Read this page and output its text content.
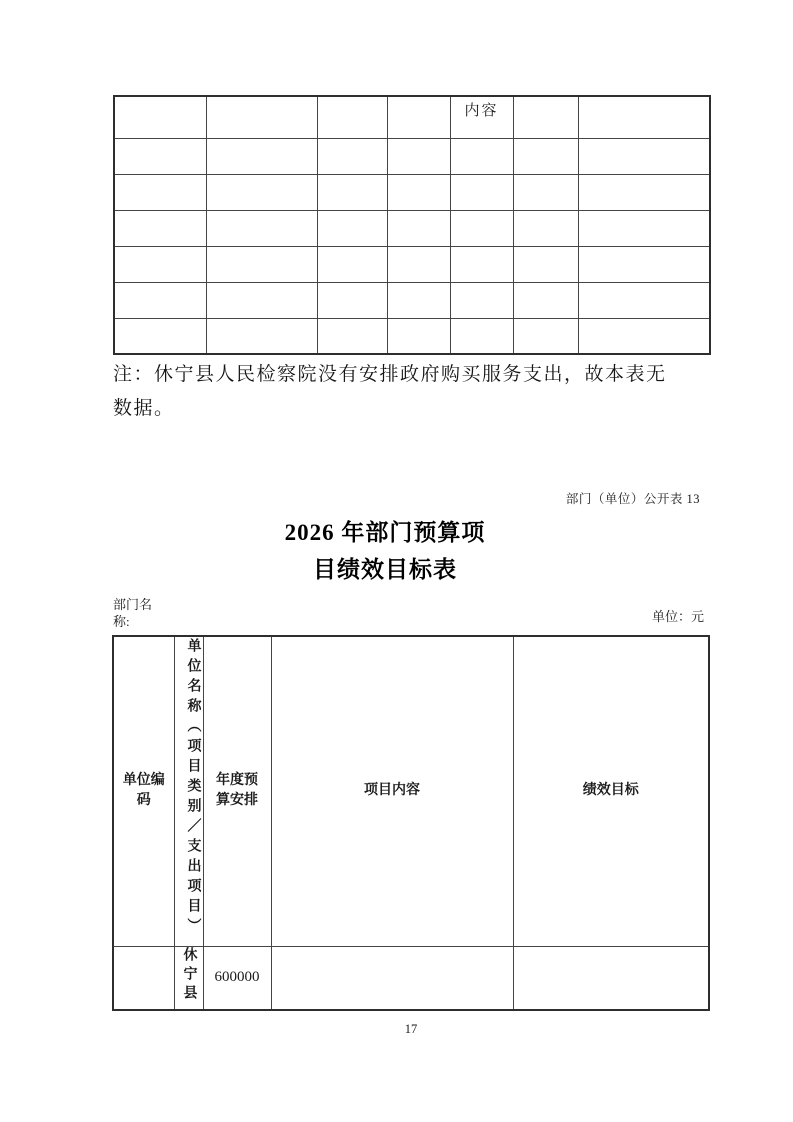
				内容		

注：休宁县人民检察院没有安排政府购买服务支出，故本表无
数据。
部门（单位）公开表 13
2026 年部门预算项
目绩效目标表
部门名
称:	单位：元
单位编码	单位名称（项目类别／支出项目）	年度预算安排	项目内容	绩效目标
	休宁县	600000		
17
